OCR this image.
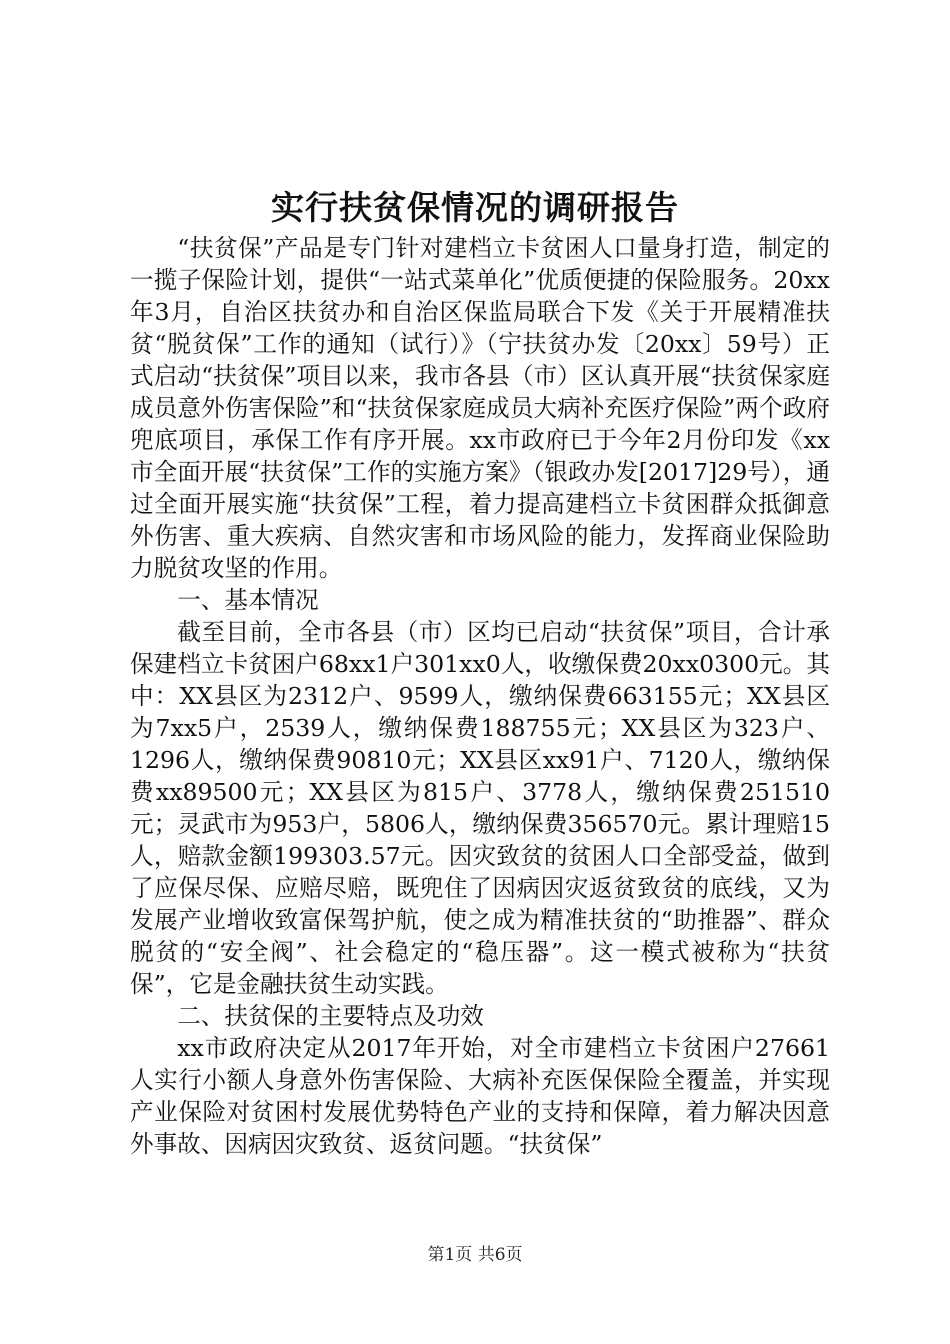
实行扶贫保情况的调研报告

“扶贫保”产品是专门针对建档立卡贫困人口量身打造，制定的一揽子保险计划，提供“一站式菜单化”优质便捷的保险服务。20xx年3月，自治区扶贫办和自治区保监局联合下发《关于开展精准扶贫“脱贫保”工作的通知（试行）》（宁扶贫办发〔20xx〕59号）正式启动“扶贫保”项目以来，我市各县（市）区认真开展“扶贫保家庭成员意外伤害保险”和“扶贫保家庭成员大病补充医疗保险”两个政府兜底项目，承保工作有序开展。xx市政府已于今年2月份印发《xx市全面开展“扶贫保”工作的实施方案》（银政办发[2017]29号），通过全面开展实施“扶贫保”工程，着力提高建档立卡贫困群众抵御意外伤害、重大疾病、自然灾害和市场风险的能力，发挥商业保险助力脱贫攻坚的作用。

一、基本情况

截至目前，全市各县（市）区均已启动“扶贫保”项目，合计承保建档立卡贫困户68xx1户301xx0人，收缴保费20xx0300元。其中：XX县区为2312户、9599人，缴纳保费663155元；XX县区为7xx5户，2539人，缴纳保费188755元；XX县区为323户、1296人，缴纳保费90810元；XX县区xx91户、7120人，缴纳保费xx89500元；XX县区为815户、3778人，缴纳保费251510元；灵武市为953户，5806人，缴纳保费356570元。累计理赔15人，赔款金额199303.57元。因灾致贫的贫困人口全部受益，做到了应保尽保、应赔尽赔，既兜住了因病因灾返贫致贫的底线，又为发展产业增收致富保驾护航，使之成为精准扶贫的“助推器”、群众脱贫的“安全阀”、社会稳定的“稳压器”。这一模式被称为“扶贫保”，它是金融扶贫生动实践。

二、扶贫保的主要特点及功效

xx市政府决定从2017年开始，对全市建档立卡贫困户27661人实行小额人身意外伤害保险、大病补充医保保险全覆盖，并实现产业保险对贫困村发展优势特色产业的支持和保障，着力解决因意外事故、因病因灾致贫、返贫问题。“扶贫保”

第1页 共6页
